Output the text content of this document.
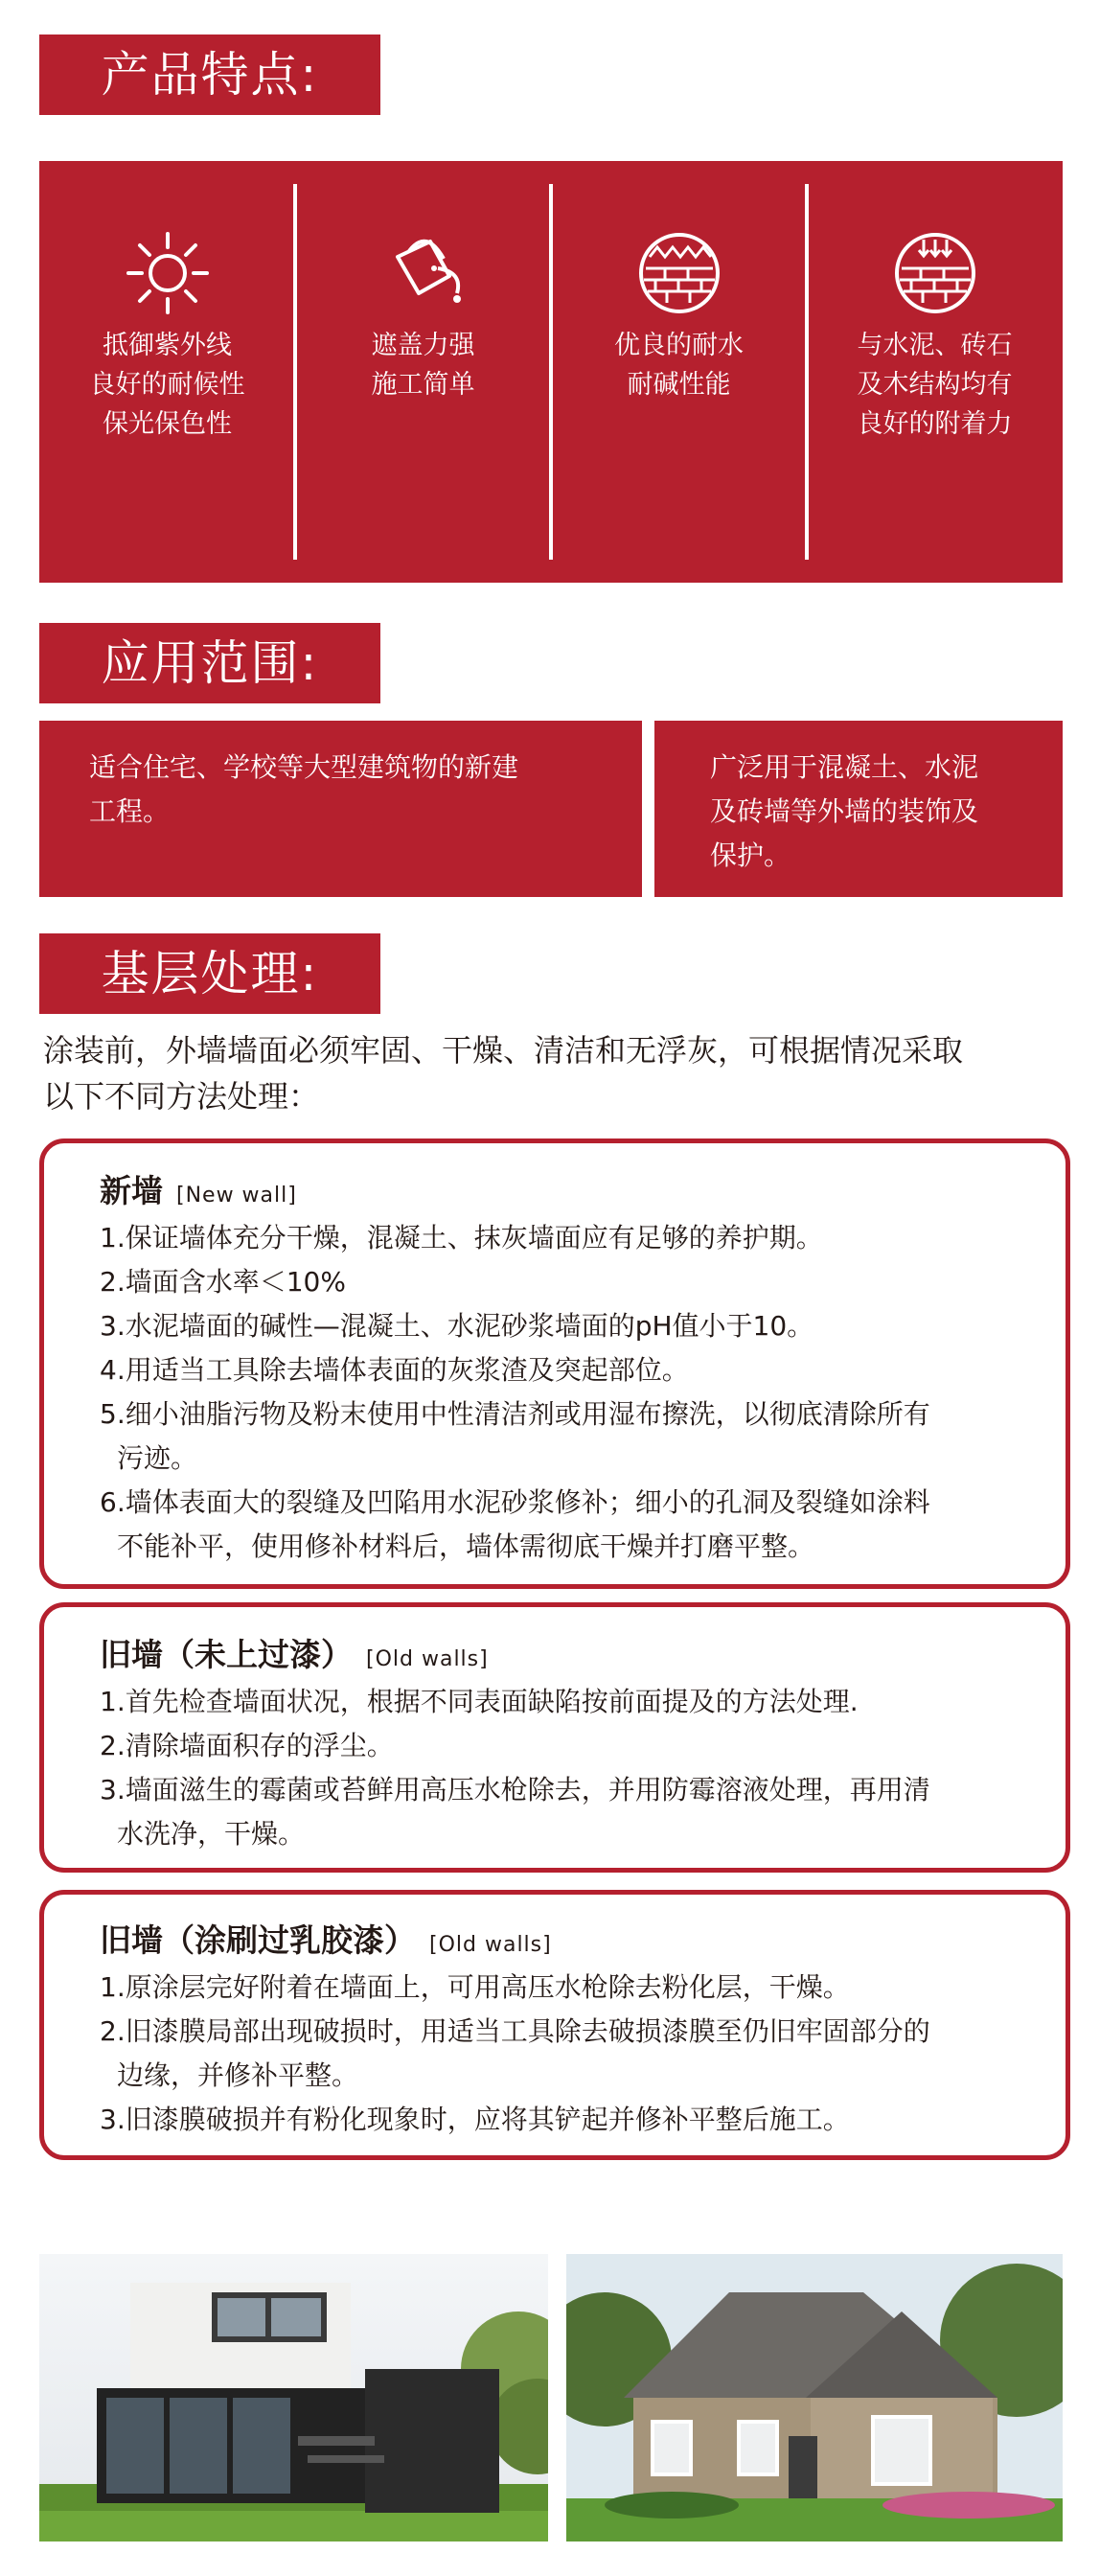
产品特点:
抵御紫外线
良好的耐候性
保光保色性
遮盖力强
施工简单
优良的耐水
耐碱性能
与水泥、砖石
及木结构均有
良好的附着力
应用范围:
适合住宅、学校等大型建筑物的新建
工程。
广泛用于混凝土、水泥
及砖墙等外墙的装饰及
保护。
基层处理:
涂装前，外墙墙面必须牢固、干燥、清洁和无浮灰，可根据情况采取
以下不同方法处理：
新墙 [New wall]
1.保证墙体充分干燥，混凝土、抹灰墙面应有足够的养护期。
2.墙面含水率＜10%
3.水泥墙面的碱性—混凝土、水泥砂浆墙面的pH值小于10。
4.用适当工具除去墙体表面的灰浆渣及突起部位。
5.细小油脂污物及粉末使用中性清洁剂或用湿布擦洗，以彻底清除所有
污迹。
6.墙体表面大的裂缝及凹陷用水泥砂浆修补；细小的孔洞及裂缝如涂料
不能补平，使用修补材料后，墙体需彻底干燥并打磨平整。
旧墙（未上过漆） [Old walls]
1.首先检查墙面状况，根据不同表面缺陷按前面提及的方法处理.
2.清除墙面积存的浮尘。
3.墙面滋生的霉菌或苔鲜用高压水枪除去，并用防霉溶液处理，再用清
水洗净，干燥。
旧墙（涂刷过乳胶漆） [Old walls]
1.原涂层完好附着在墙面上，可用高压水枪除去粉化层，干燥。
2.旧漆膜局部出现破损时，用适当工具除去破损漆膜至仍旧牢固部分的
边缘，并修补平整。
3.旧漆膜破损并有粉化现象时，应将其铲起并修补平整后施工。
